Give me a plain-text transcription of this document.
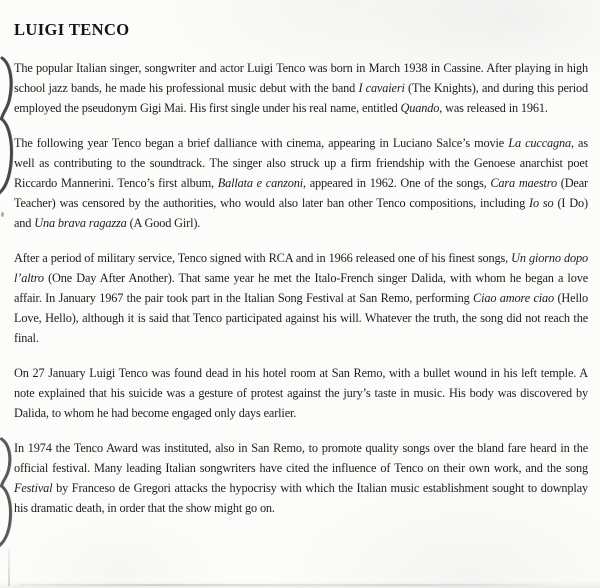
LUIGI TENCO

The popular Italian singer, songwriter and actor Luigi Tenco was born in March 1938 in Cassine. After playing in high school jazz bands, he made his professional music debut with the band I cavaieri (The Knights), and during this period employed the pseudonym Gigi Mai. His first single under his real name, entitled Quando, was released in 1961.

The following year Tenco began a brief dalliance with cinema, appearing in Luciano Salce’s movie La cuccagna, as well as contributing to the soundtrack. The singer also struck up a firm friendship with the Genoese anarchist poet Riccardo Mannerini. Tenco’s first album, Ballata e canzoni, appeared in 1962. One of the songs, Cara maestro (Dear Teacher) was censored by the authorities, who would also later ban other Tenco compositions, including Io so (I Do) and Una brava ragazza (A Good Girl).

After a period of military service, Tenco signed with RCA and in 1966 released one of his finest songs, Un giorno dopo l’altro (One Day After Another). That same year he met the Italo-French singer Dalida, with whom he began a love affair. In January 1967 the pair took part in the Italian Song Festival at San Remo, performing Ciao amore ciao (Hello Love, Hello), although it is said that Tenco participated against his will. Whatever the truth, the song did not reach the final.

On 27 January Luigi Tenco was found dead in his hotel room at San Remo, with a bullet wound in his left temple. A note explained that his suicide was a gesture of protest against the jury’s taste in music. His body was discovered by Dalida, to whom he had become engaged only days earlier.

In 1974 the Tenco Award was instituted, also in San Remo, to promote quality songs over the bland fare heard in the official festival. Many leading Italian songwriters have cited the influence of Tenco on their own work, and the song Festival by Franceso de Gregori attacks the hypocrisy with which the Italian music establishment sought to downplay his dramatic death, in order that the show might go on.
